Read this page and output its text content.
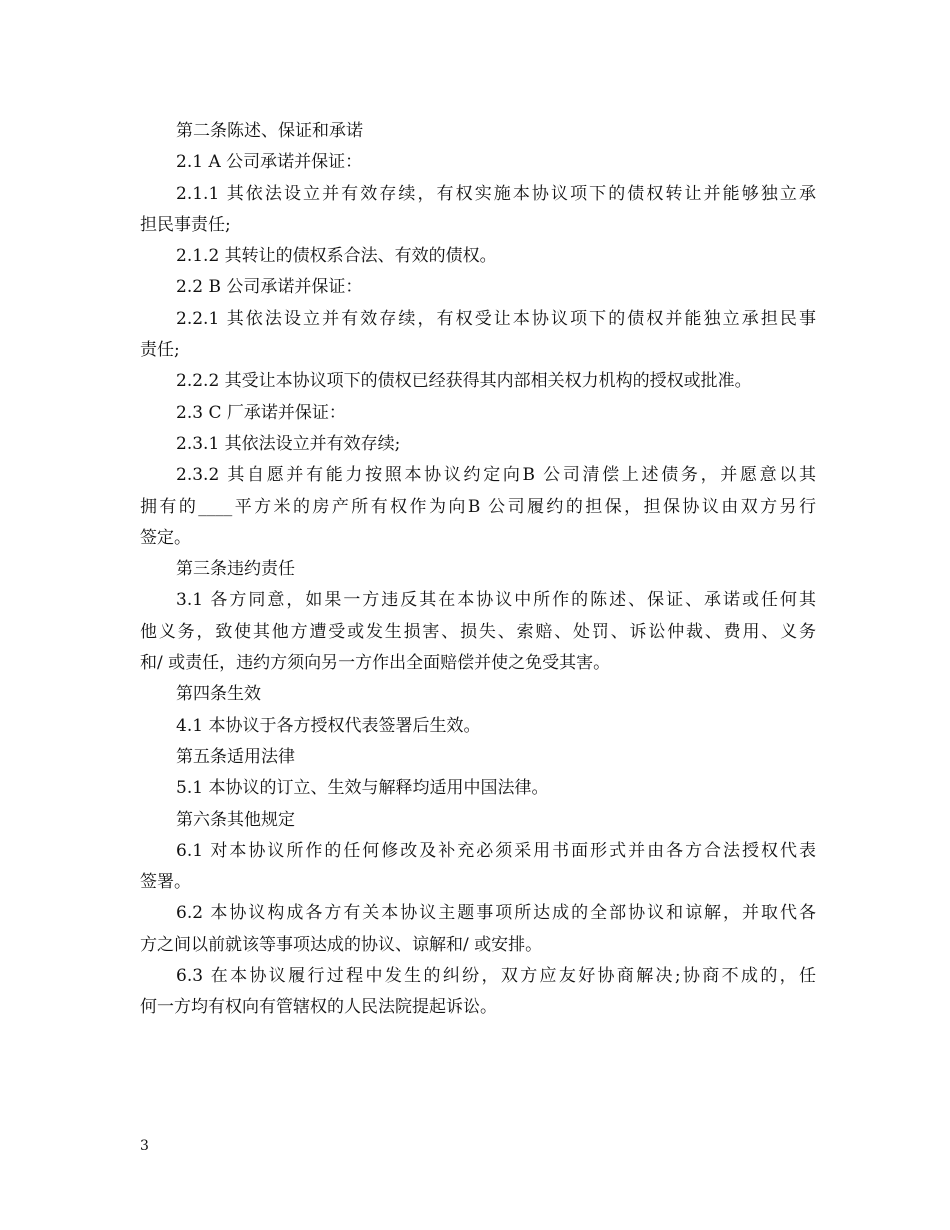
第二条陈述、保证和承诺
2.1 A 公司承诺并保证：
2.1.1 其依法设立并有效存续，有权实施本协议项下的债权转让并能够独立承
担民事责任;
2.1.2 其转让的债权系合法、有效的债权。
2.2 B 公司承诺并保证：
2.2.1 其依法设立并有效存续，有权受让本协议项下的债权并能独立承担民事
责任;
2.2.2 其受让本协议项下的债权已经获得其内部相关权力机构的授权或批准。
2.3 C 厂承诺并保证：
2.3.1 其依法设立并有效存续;
2.3.2 其自愿并有能力按照本协议约定向B 公司清偿上述债务，并愿意以其
拥有的____平方米的房产所有权作为向B 公司履约的担保，担保协议由双方另行
签定。
第三条违约责任
3.1 各方同意，如果一方违反其在本协议中所作的陈述、保证、承诺或任何其
他义务，致使其他方遭受或发生损害、损失、索赔、处罚、诉讼仲裁、费用、义务
和/ 或责任，违约方须向另一方作出全面赔偿并使之免受其害。
第四条生效
4.1 本协议于各方授权代表签署后生效。
第五条适用法律
5.1 本协议的订立、生效与解释均适用中国法律。
第六条其他规定
6.1 对本协议所作的任何修改及补充必须采用书面形式并由各方合法授权代表
签署。
6.2 本协议构成各方有关本协议主题事项所达成的全部协议和谅解，并取代各
方之间以前就该等事项达成的协议、谅解和/ 或安排。
6.3 在本协议履行过程中发生的纠纷，双方应友好协商解决;协商不成的，任
何一方均有权向有管辖权的人民法院提起诉讼。
3
